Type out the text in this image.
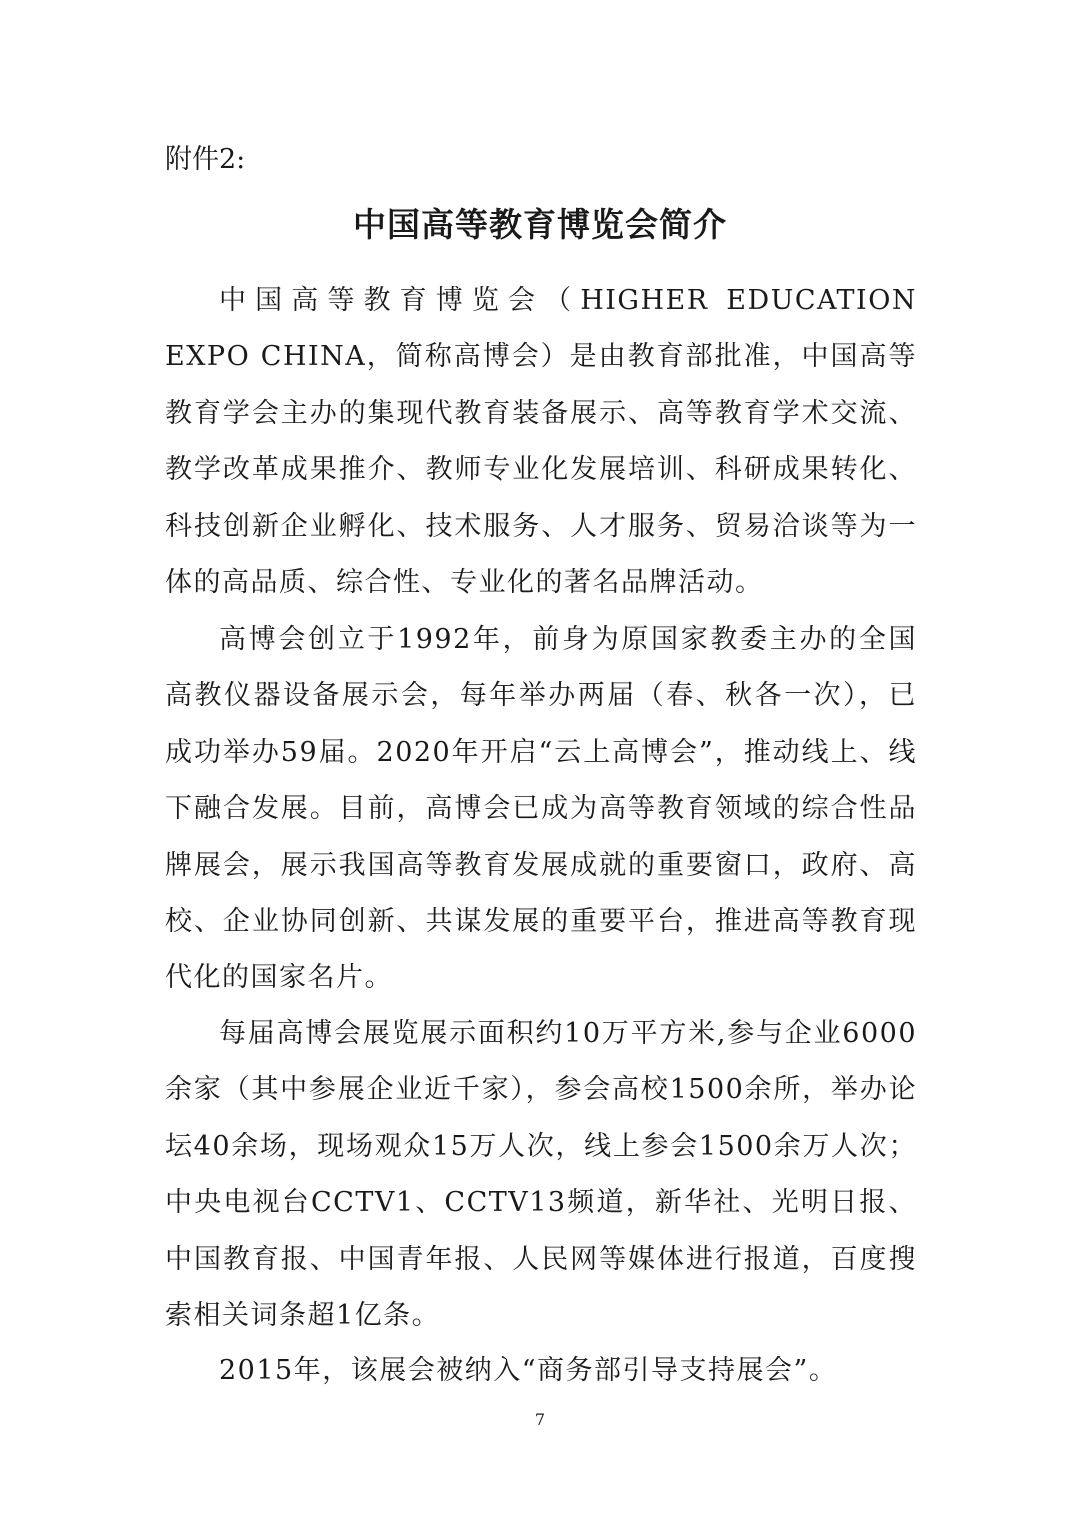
附件2:
中国高等教育博览会简介

中国高等教育博览会（HIGHER EDUCATION EXPO CHINA，简称高博会）是由教育部批准，中国高等教育学会主办的集现代教育装备展示、高等教育学术交流、教学改革成果推介、教师专业化发展培训、科研成果转化、科技创新企业孵化、技术服务、人才服务、贸易洽谈等为一体的高品质、综合性、专业化的著名品牌活动。

高博会创立于1992年，前身为原国家教委主办的全国高教仪器设备展示会，每年举办两届（春、秋各一次），已成功举办59届。2020年开启“云上高博会”，推动线上、线下融合发展。目前，高博会已成为高等教育领域的综合性品牌展会，展示我国高等教育发展成就的重要窗口，政府、高校、企业协同创新、共谋发展的重要平台，推进高等教育现代化的国家名片。

每届高博会展览展示面积约10万平方米,参与企业6000余家（其中参展企业近千家），参会高校1500余所，举办论坛40余场，现场观众15万人次，线上参会1500余万人次；中央电视台CCTV1、CCTV13频道，新华社、光明日报、中国教育报、中国青年报、人民网等媒体进行报道，百度搜索相关词条超1亿条。

2015年，该展会被纳入“商务部引导支持展会”。

7
